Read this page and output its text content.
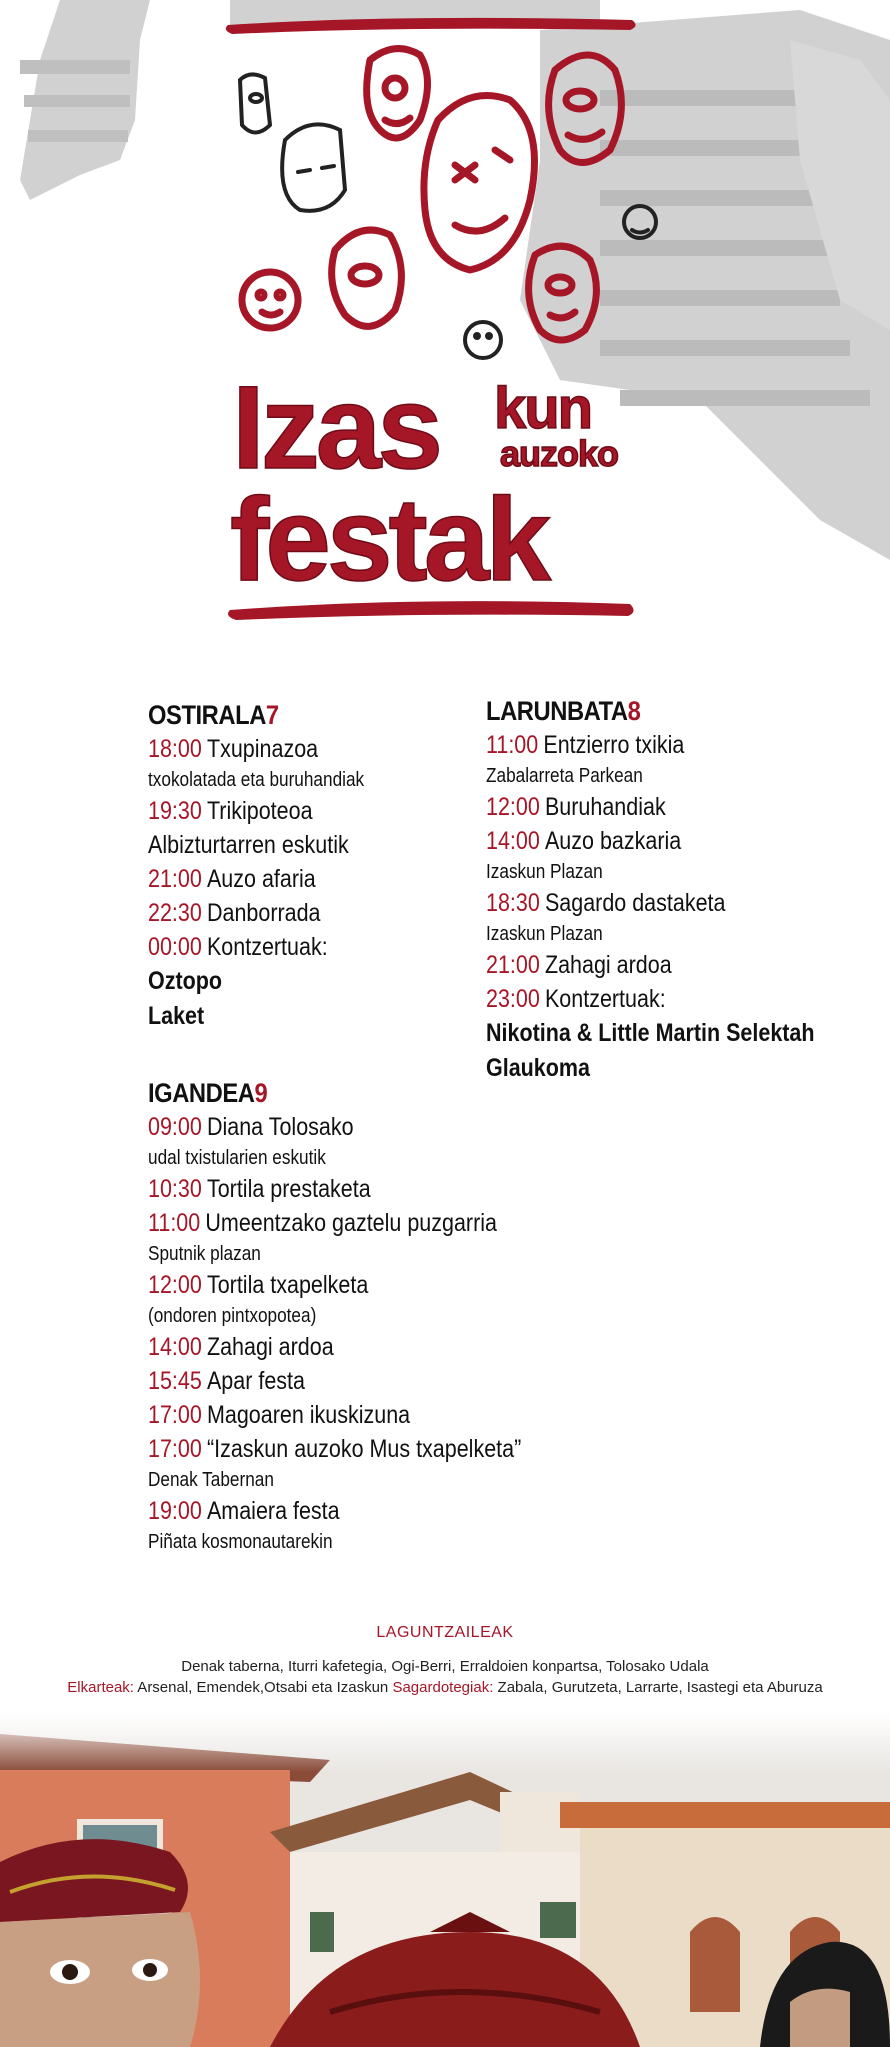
Izas kun
auzoko
festak
OSTIRALA7
18:00 Txupinazoa
txokolatada eta buruhandiak
19:30 Trikipoteoa
Albizturtarren eskutik
21:00 Auzo afaria
22:30 Danborrada
00:00 Kontzertuak:
Oztopo
Laket
LARUNBATA8
11:00 Entzierro txikia
Zabalarreta Parkean
12:00 Buruhandiak
14:00 Auzo bazkaria
Izaskun Plazan
18:30 Sagardo dastaketa
Izaskun Plazan
21:00 Zahagi ardoa
23:00 Kontzertuak:
Nikotina & Little Martin Selektah
Glaukoma
IGANDEA9
09:00 Diana Tolosako
udal txistularien eskutik
10:30 Tortila prestaketa
11:00 Umeentzako gaztelu puzgarria
Sputnik plazan
12:00 Tortila txapelketa
(ondoren pintxopotea)
14:00 Zahagi ardoa
15:45 Apar festa
17:00 Magoaren ikuskizuna
17:00 “Izaskun auzoko Mus txapelketa”
Denak Tabernan
19:00 Amaiera festa
Piñata kosmonautarekin
LAGUNTZAILEAK
Denak taberna, Iturri kafetegia, Ogi-Berri, Erraldoien konpartsa, Tolosako Udala
Elkarteak: Arsenal, Emendek,Otsabi eta Izaskun Sagardotegiak: Zabala, Gurutzeta, Larrarte, Isastegi eta Aburuza
